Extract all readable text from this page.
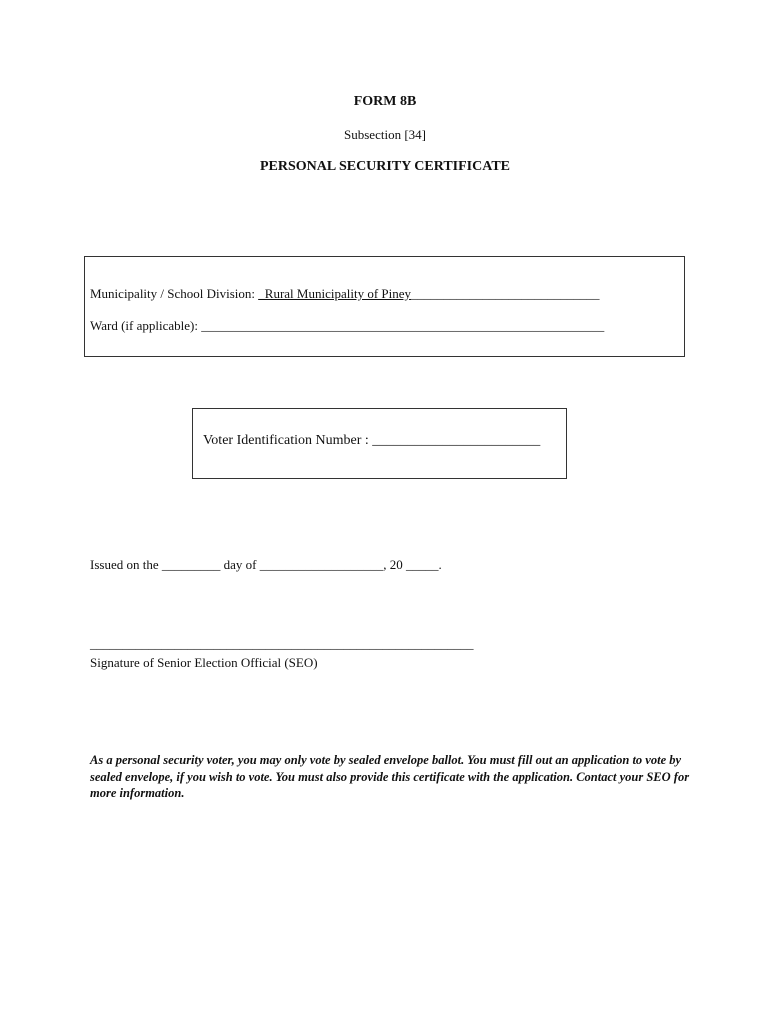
FORM 8B
Subsection [34]
PERSONAL SECURITY CERTIFICATE
Municipality / School Division: _Rural Municipality of Piney_____________________________
Ward (if applicable): ______________________________________________________________
Voter Identification Number : ________________________
Issued on the _________ day of ___________________, 20 _____.
___________________________________________________________
Signature of Senior Election Official (SEO)
As a personal security voter, you may only vote by sealed envelope ballot. You must fill out an application to vote by sealed envelope, if you wish to vote. You must also provide this certificate with the application. Contact your SEO for more information.
